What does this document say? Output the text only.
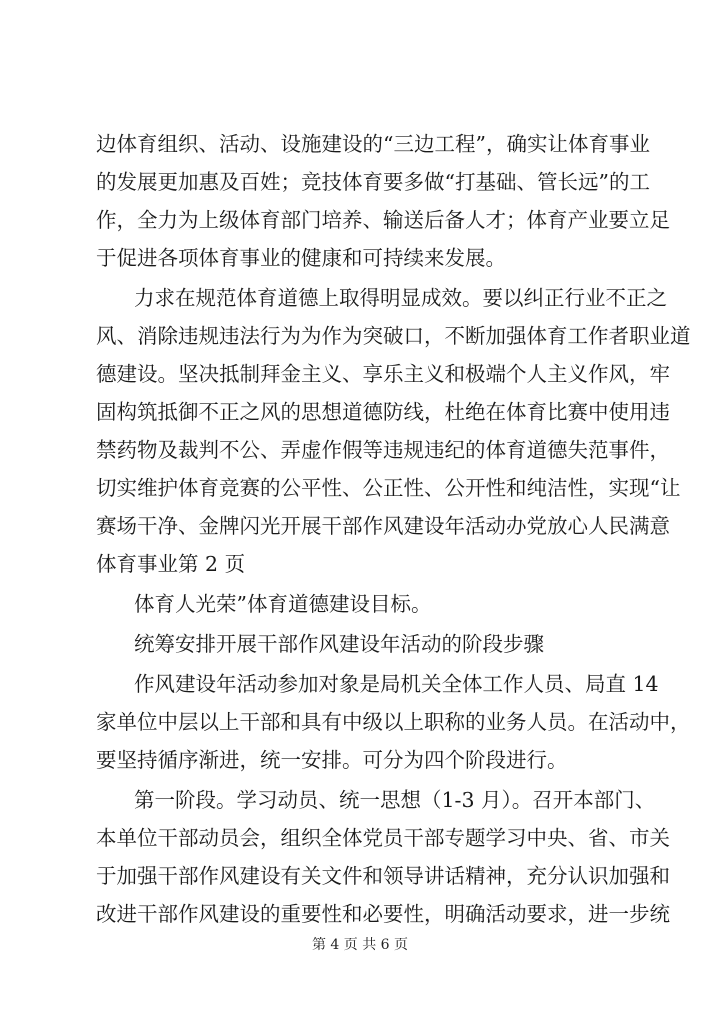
边体育组织、活动、设施建设的“三边工程”，确实让体育事业
的发展更加惠及百姓；竞技体育要多做“打基础、管长远”的工
作，全力为上级体育部门培养、输送后备人才；体育产业要立足
于促进各项体育事业的健康和可持续来发展。
力求在规范体育道德上取得明显成效。要以纠正行业不正之
风、消除违规违法行为为作为突破口，不断加强体育工作者职业道
德建设。坚决抵制拜金主义、享乐主义和极端个人主义作风，牢
固构筑抵御不正之风的思想道德防线，杜绝在体育比赛中使用违
禁药物及裁判不公、弄虚作假等违规违纪的体育道德失范事件，
切实维护体育竞赛的公平性、公正性、公开性和纯洁性，实现“让
赛场干净、金牌闪光开展干部作风建设年活动办党放心人民满意
体育事业第 2 页
体育人光荣”体育道德建设目标。
统筹安排开展干部作风建设年活动的阶段步骤
作风建设年活动参加对象是局机关全体工作人员、局直 14
家单位中层以上干部和具有中级以上职称的业务人员。在活动中，
要坚持循序渐进，统一安排。可分为四个阶段进行。
第一阶段。学习动员、统一思想（1-3 月）。召开本部门、
本单位干部动员会，组织全体党员干部专题学习中央、省、市关
于加强干部作风建设有关文件和领导讲话精神，充分认识加强和
改进干部作风建设的重要性和必要性，明确活动要求，进一步统
第 4 页 共 6 页
